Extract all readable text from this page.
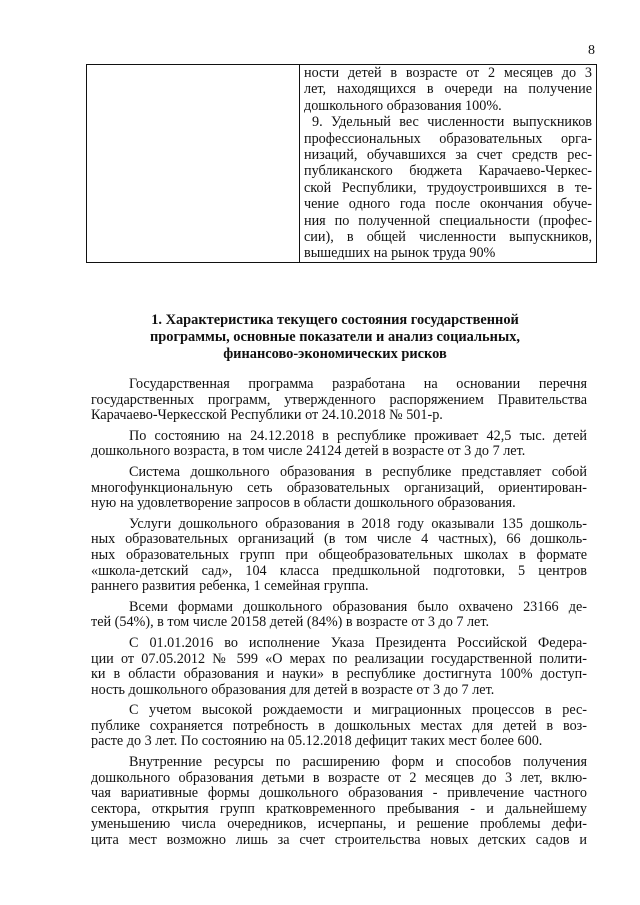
8

ности детей в возрасте от 2 месяцев до 3
лет, находящихся в очереди на получение
дошкольного образования 100%.
9. Удельный вес численности выпускников
профессиональных образовательных орга-
низаций, обучавшихся за счет средств рес-
публиканского бюджета Карачаево-Черкес-
ской Республики, трудоустроившихся в те-
чение одного года после окончания обуче-
ния по полученной специальности (профес-
сии), в общей численности выпускников,
вышедших на рынок труда 90%
1. Характеристика текущего состояния государственной
программы, основные показатели и анализ социальных,
финансово-экономических рисков
Государственная программа разработана на основании перечня
государственных программ, утвержденного распоряжением Правительства
Карачаево-Черкесской Республики от 24.10.2018 № 501-р.
По состоянию на 24.12.2018 в республике проживает 42,5 тыс. детей
дошкольного возраста, в том числе 24124 детей в возрасте от 3 до 7 лет.
Система дошкольного образования в республике представляет собой
многофункциональную сеть образовательных организаций, ориентирован-
ную на удовлетворение запросов в области дошкольного образования.
Услуги дошкольного образования в 2018 году оказывали 135 дошколь-
ных образовательных организаций (в том числе 4 частных), 66 дошколь-
ных образовательных групп при общеобразовательных школах в формате
«школа-детский сад», 104 класса предшкольной подготовки, 5 центров
раннего развития ребенка, 1 семейная группа.
Всеми формами дошкольного образования было охвачено 23166 де-
тей (54%), в том числе 20158 детей (84%) в возрасте от 3 до 7 лет.
С 01.01.2016 во исполнение Указа Президента Российской Федера-
ции от 07.05.2012 № 599 «О мерах по реализации государственной полити-
ки в области образования и науки» в республике достигнута 100% доступ-
ность дошкольного образования для детей в возрасте от 3 до 7 лет.
С учетом высокой рождаемости и миграционных процессов в рес-
публике сохраняется потребность в дошкольных местах для детей в воз-
расте до 3 лет. По состоянию на 05.12.2018 дефицит таких мест более 600.
Внутренние ресурсы по расширению форм и способов получения
дошкольного образования детьми в возрасте от 2 месяцев до 3 лет, вклю-
чая вариативные формы дошкольного образования - привлечение частного
сектора, открытия групп кратковременного пребывания - и дальнейшему
уменьшению числа очередников, исчерпаны, и решение проблемы дефи-
цита мест возможно лишь за счет строительства новых детских садов и
